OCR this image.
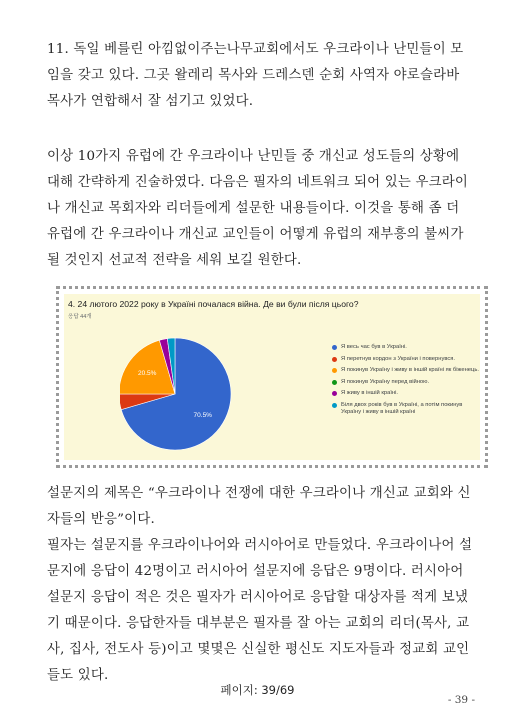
11. 독일 베를린 아낌없이주는나무교회에서도 우크라이나 난민들이 모
임을 갖고 있다. 그곳 왈레리 목사와 드레스덴 순회 사역자 야로슬라바
목사가 연합해서 잘 섬기고 있었다.
이상 10가지 유럽에 간 우크라이나 난민들 중 개신교 성도들의 상황에
대해 간략하게 진술하였다. 다음은 필자의 네트워크 되어 있는 우크라이
나 개신교 목회자와 리더들에게 설문한 내용들이다. 이것을 통해 좀 더
유럽에 간 우크라이나 개신교 교인들이 어떻게 유럽의 재부흥의 불씨가
될 것인지 선교적 전략을 세워 보길 원한다.
4. 24 лютого 2022 року в Україні почалася війна. Де ви були після цього?
응답 44개
70.5%
20.5%
Я весь час був в Україні.
Я перетнув кордон з України і повернувся.
Я покинув Україну і живу в іншій країні як біженець.
Я покинув Україну перед війною.
Я живу в іншій країні.
Біля двох років був в Україні, а потім покинув Україну і живу в іншій країні
설문지의 제목은 “우크라이나 전쟁에 대한 우크라이나 개신교 교회와 신
자들의 반응”이다.
필자는 설문지를 우크라이나어와 러시아어로 만들었다. 우크라이나어 설
문지에 응답이 42명이고 러시아어 설문지에 응답은 9명이다. 러시아어
설문지 응답이 적은 것은 필자가 러시아어로 응답할 대상자를 적게 보냈
기 때문이다. 응답한자들 대부분은 필자를 잘 아는 교회의 리더(목사, 교
사, 집사, 전도사 등)이고 몇몇은 신실한 평신도 지도자들과 정교회 교인
들도 있다.
페이지: 39/69
- 39 -
